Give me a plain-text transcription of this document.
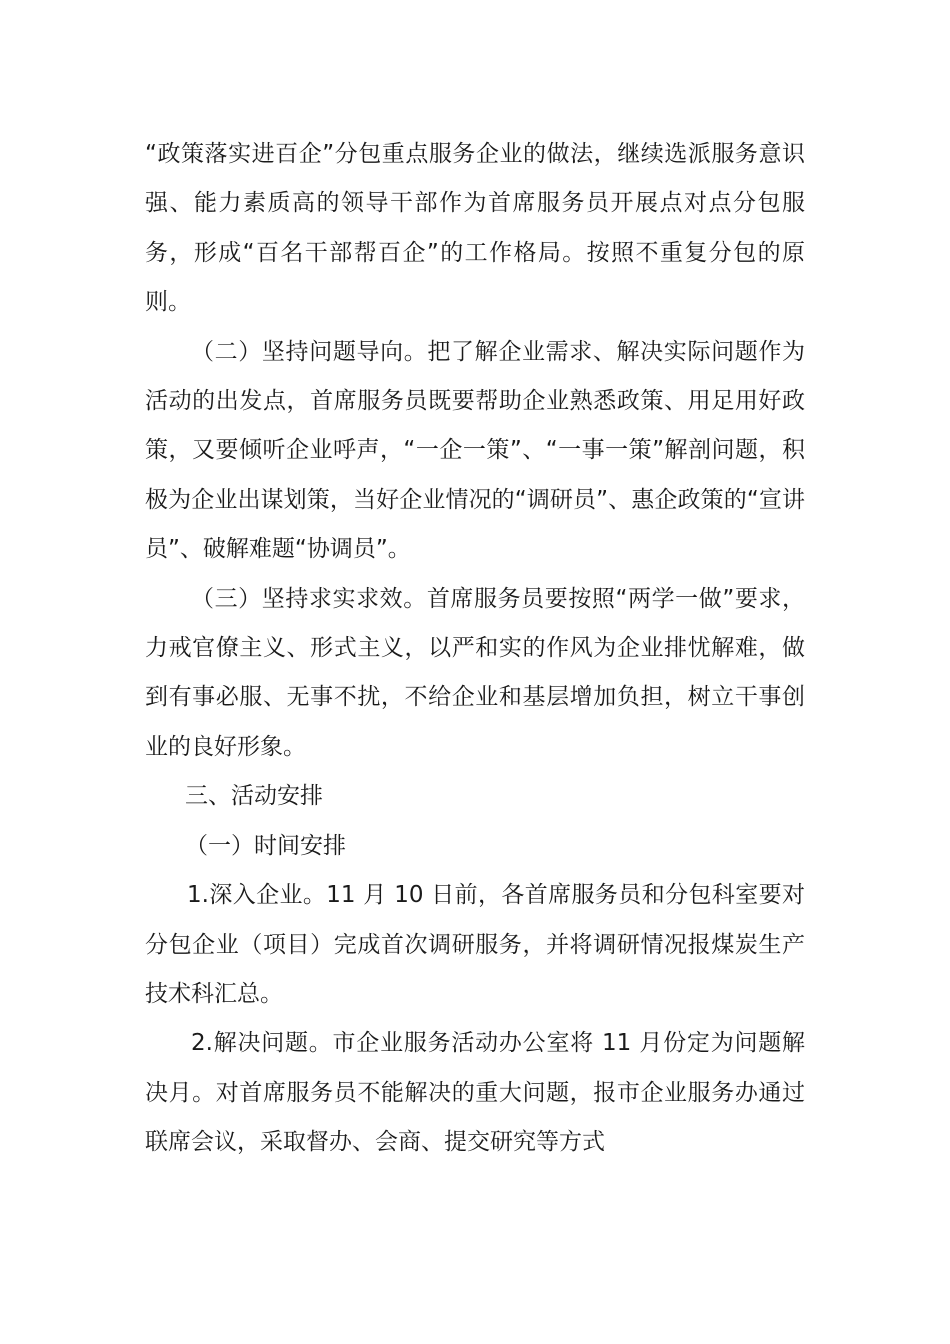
“政策落实进百企”分包重点服务企业的做法，继续选派服务意识强、能力素质高的领导干部作为首席服务员开展点对点分包服务，形成“百名干部帮百企”的工作格局。按照不重复分包的原则。

（二）坚持问题导向。把了解企业需求、解决实际问题作为活动的出发点，首席服务员既要帮助企业熟悉政策、用足用好政策，又要倾听企业呼声，“一企一策”、“一事一策”解剖问题，积极为企业出谋划策，当好企业情况的“调研员”、惠企政策的“宣讲员”、破解难题“协调员”。

（三）坚持求实求效。首席服务员要按照“两学一做”要求，力戒官僚主义、形式主义，以严和实的作风为企业排忧解难，做到有事必服、无事不扰，不给企业和基层增加负担，树立干事创业的良好形象。

三、活动安排

（一）时间安排

1.深入企业。11 月 10 日前，各首席服务员和分包科室要对分包企业（项目）完成首次调研服务，并将调研情况报煤炭生产技术科汇总。

2.解决问题。市企业服务活动办公室将 11 月份定为问题解决月。对首席服务员不能解决的重大问题，报市企业服务办通过联席会议，采取督办、会商、提交研究等方式
